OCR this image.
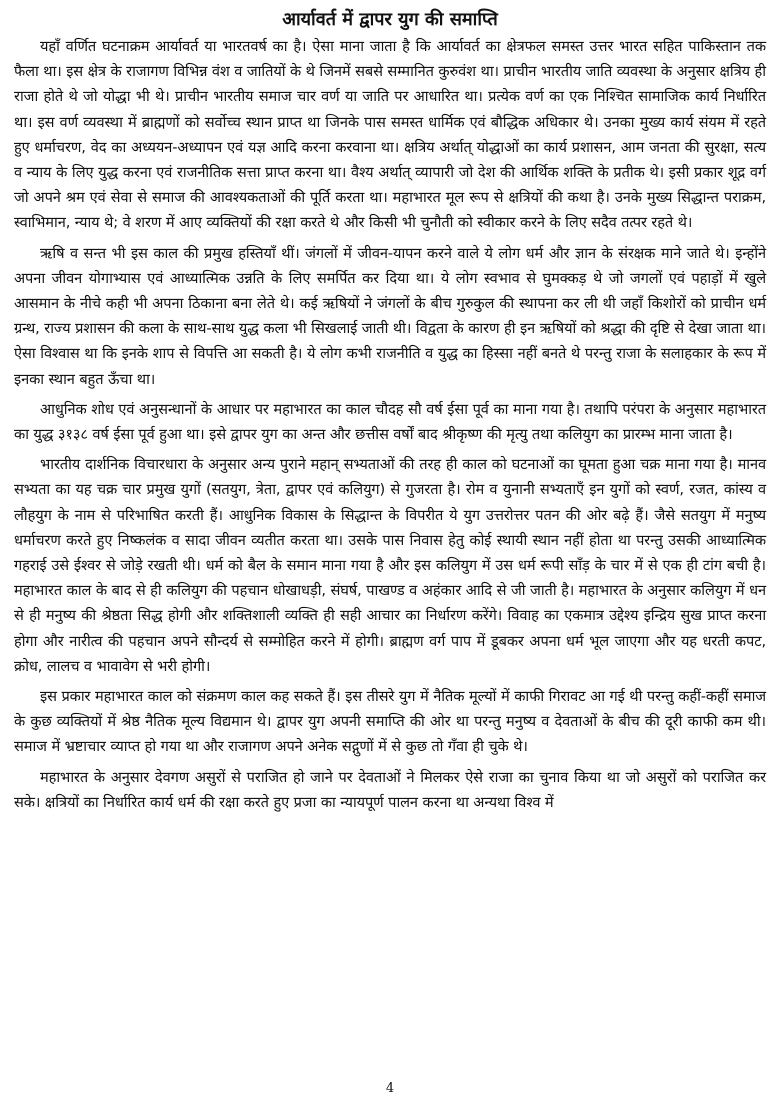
आर्यावर्त में द्वापर युग की समाप्ति

यहाँ वर्णित घटनाक्रम आर्यावर्त या भारतवर्ष का है। ऐसा माना जाता है कि आर्यावर्त का क्षेत्रफल समस्त उत्तर भारत सहित पाकिस्तान तक फैला था। इस क्षेत्र के राजागण विभिन्न वंश व जातियों के थे जिनमें सबसे सम्मानित कुरुवंश था। प्राचीन भारतीय जाति व्यवस्था के अनुसार क्षत्रिय ही राजा होते थे जो योद्धा भी थे। प्राचीन भारतीय समाज चार वर्ण या जाति पर आधारित था। प्रत्येक वर्ण का एक निश्चित सामाजिक कार्य निर्धारित था। इस वर्ण व्यवस्था में ब्राह्मणों को सर्वोच्च स्थान प्राप्त था जिनके पास समस्त धार्मिक एवं बौद्धिक अधिकार थे। उनका मुख्य कार्य संयम में रहते हुए धर्माचरण, वेद का अध्ययन-अध्यापन एवं यज्ञ आदि करना करवाना था। क्षत्रिय अर्थात् योद्धाओं का कार्य प्रशासन, आम जनता की सुरक्षा, सत्य व न्याय के लिए युद्ध करना एवं राजनीतिक सत्ता प्राप्त करना था। वैश्य अर्थात् व्यापारी जो देश की आर्थिक शक्ति के प्रतीक थे। इसी प्रकार शूद्र वर्ग जो अपने श्रम एवं सेवा से समाज की आवश्यकताओं की पूर्ति करता था। महाभारत मूल रूप से क्षत्रियों की कथा है। उनके मुख्य सिद्धान्त पराक्रम, स्वाभिमान, न्याय थे; वे शरण में आए व्यक्तियों की रक्षा करते थे और किसी भी चुनौती को स्वीकार करने के लिए सदैव तत्पर रहते थे।

ऋषि व सन्त भी इस काल की प्रमुख हस्तियाँ थीं। जंगलों में जीवन-यापन करने वाले ये लोग धर्म और ज्ञान के संरक्षक माने जाते थे। इन्होंने अपना जीवन योगाभ्यास एवं आध्यात्मिक उन्नति के लिए समर्पित कर दिया था। ये लोग स्वभाव से घुमक्कड़ थे जो जगलों एवं पहाड़ों में खुले आसमान के नीचे कही भी अपना ठिकाना बना लेते थे। कई ऋषियों ने जंगलों के बीच गुरुकुल की स्थापना कर ली थी जहाँ किशोरों को प्राचीन धर्म ग्रन्थ, राज्य प्रशासन की कला के साथ-साथ युद्ध कला भी सिखलाई जाती थी। विद्वता के कारण ही इन ऋषियों को श्रद्धा की दृष्टि से देखा जाता था। ऐसा विश्वास था कि इनके शाप से विपत्ति आ सकती है। ये लोग कभी राजनीति व युद्ध का हिस्सा नहीं बनते थे परन्तु राजा के सलाहकार के रूप में इनका स्थान बहुत ऊँचा था।

आधुनिक शोध एवं अनुसन्धानों के आधार पर महाभारत का काल चौदह सौ वर्ष ईसा पूर्व का माना गया है। तथापि परंपरा के अनुसार महाभारत का युद्ध ३१३८ वर्ष ईसा पूर्व हुआ था। इसे द्वापर युग का अन्त और छत्तीस वर्षों बाद श्रीकृष्ण की मृत्यु तथा कलियुग का प्रारम्भ माना जाता है।

भारतीय दार्शनिक विचारधारा के अनुसार अन्य पुराने महान् सभ्यताओं की तरह ही काल को घटनाओं का घूमता हुआ चक्र माना गया है। मानव सभ्यता का यह चक्र चार प्रमुख युगों (सतयुग, त्रेता, द्वापर एवं कलियुग) से गुजरता है। रोम व युनानी सभ्यताएँ इन युगों को स्वर्ण, रजत, कांस्य व लौहयुग के नाम से परिभाषित करती हैं। आधुनिक विकास के सिद्धान्त के विपरीत ये युग उत्तरोत्तर पतन की ओर बढ़े हैं। जैसे सतयुग में मनुष्य धर्माचरण करते हुए निष्कलंक व सादा जीवन व्यतीत करता था। उसके पास निवास हेतु कोई स्थायी स्थान नहीं होता था परन्तु उसकी आध्यात्मिक गहराई उसे ईश्वर से जोड़े रखती थी। धर्म को बैल के समान माना गया है और इस कलियुग में उस धर्म रूपी साँड़ के चार में से एक ही टांग बची है। महाभारत काल के बाद से ही कलियुग की पहचान धोखाधड़ी, संघर्ष, पाखण्ड व अहंकार आदि से जी जाती है। महाभारत के अनुसार कलियुग में धन से ही मनुष्य की श्रेष्ठता सिद्ध होगी और शक्तिशाली व्यक्ति ही सही आचार का निर्धारण करेंगे। विवाह का एकमात्र उद्देश्य इन्द्रिय सुख प्राप्त करना होगा और नारीत्व की पहचान अपने सौन्दर्य से सम्मोहित करने में होगी। ब्राह्मण वर्ग पाप में डूबकर अपना धर्म भूल जाएगा और यह धरती कपट, क्रोध, लालच व भावावेग से भरी होगी।

इस प्रकार महाभारत काल को संक्रमण काल कह सकते हैं। इस तीसरे युग में नैतिक मूल्यों में काफी गिरावट आ गई थी परन्तु कहीं-कहीं समाज के कुछ व्यक्तियों में श्रेष्ठ नैतिक मूल्य विद्यमान थे। द्वापर युग अपनी समाप्ति की ओर था परन्तु मनुष्य व देवताओं के बीच की दूरी काफी कम थी। समाज में भ्रष्टाचार व्याप्त हो गया था और राजागण अपने अनेक सद्गुणों में से कुछ तो गँवा ही चुके थे।

महाभारत के अनुसार देवगण असुरों से पराजित हो जाने पर देवताओं ने मिलकर ऐसे राजा का चुनाव किया था जो असुरों को पराजित कर सके। क्षत्रियों का निर्धारित कार्य धर्म की रक्षा करते हुए प्रजा का न्यायपूर्ण पालन करना था अन्यथा विश्व में

4
